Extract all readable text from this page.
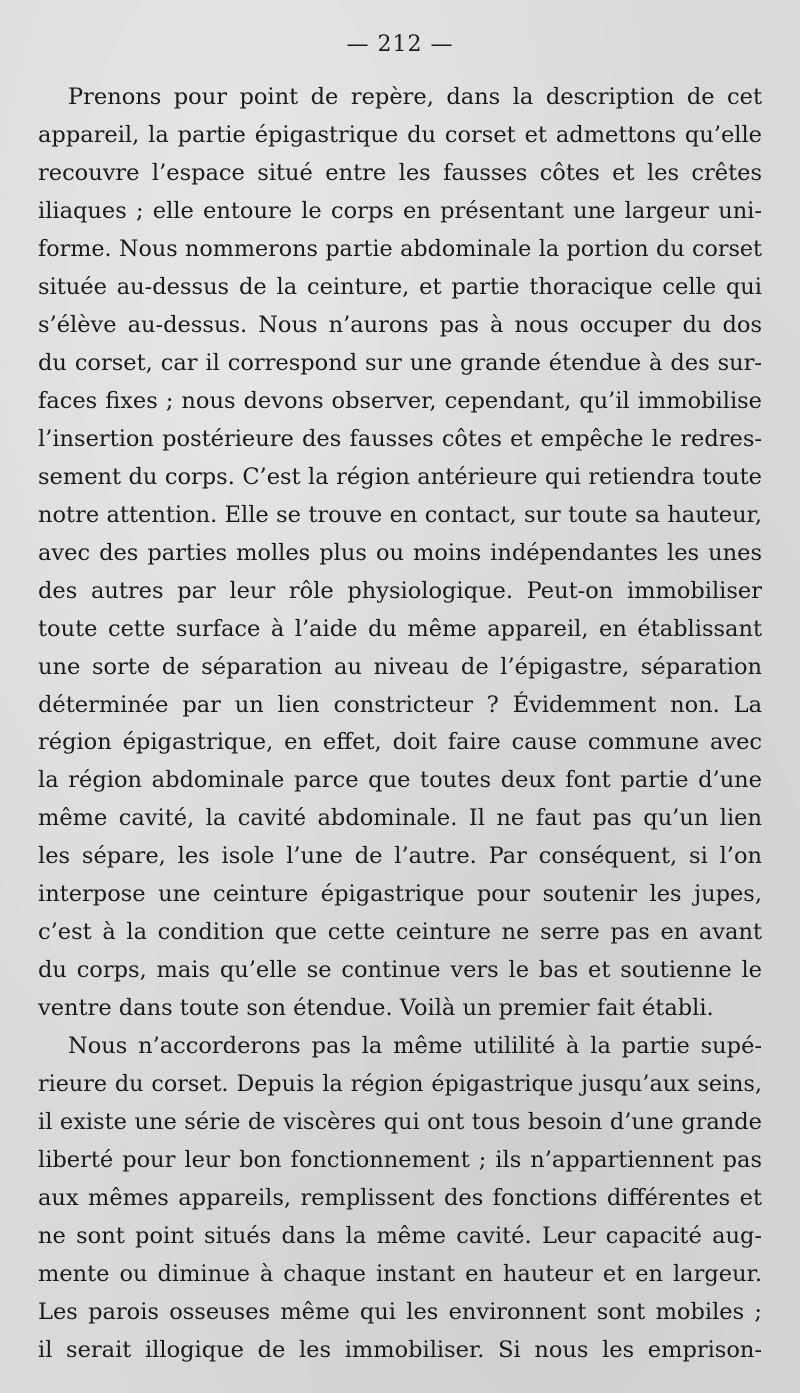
— 212 —
Prenons pour point de repère, dans la description de cet
appareil, la partie épigastrique du corset et admettons qu’elle
recouvre l’espace situé entre les fausses côtes et les crêtes
iliaques ; elle entoure le corps en présentant une largeur uni-
forme. Nous nommerons partie abdominale la portion du corset
située au-dessus de la ceinture, et partie thoracique celle qui
s’élève au-dessus. Nous n’aurons pas à nous occuper du dos
du corset, car il correspond sur une grande étendue à des sur-
faces fixes ; nous devons observer, cependant, qu’il immobilise
l’insertion postérieure des fausses côtes et empêche le redres-
sement du corps. C’est la région antérieure qui retiendra toute
notre attention. Elle se trouve en contact, sur toute sa hauteur,
avec des parties molles plus ou moins indépendantes les unes
des autres par leur rôle physiologique. Peut-on immobiliser
toute cette surface à l’aide du même appareil, en établissant
une sorte de séparation au niveau de l’épigastre, séparation
déterminée par un lien constricteur ? Évidemment non. La
région épigastrique, en effet, doit faire cause commune avec
la région abdominale parce que toutes deux font partie d’une
même cavité, la cavité abdominale. Il ne faut pas qu’un lien
les sépare, les isole l’une de l’autre. Par conséquent, si l’on
interpose une ceinture épigastrique pour soutenir les jupes,
c’est à la condition que cette ceinture ne serre pas en avant
du corps, mais qu’elle se continue vers le bas et soutienne le
ventre dans toute son étendue. Voilà un premier fait établi.
Nous n’accorderons pas la même utililité à la partie supé-
rieure du corset. Depuis la région épigastrique jusqu’aux seins,
il existe une série de viscères qui ont tous besoin d’une grande
liberté pour leur bon fonctionnement ; ils n’appartiennent pas
aux mêmes appareils, remplissent des fonctions différentes et
ne sont point situés dans la même cavité. Leur capacité aug-
mente ou diminue à chaque instant en hauteur et en largeur.
Les parois osseuses même qui les environnent sont mobiles ;
il serait illogique de les immobiliser. Si nous les emprison-
